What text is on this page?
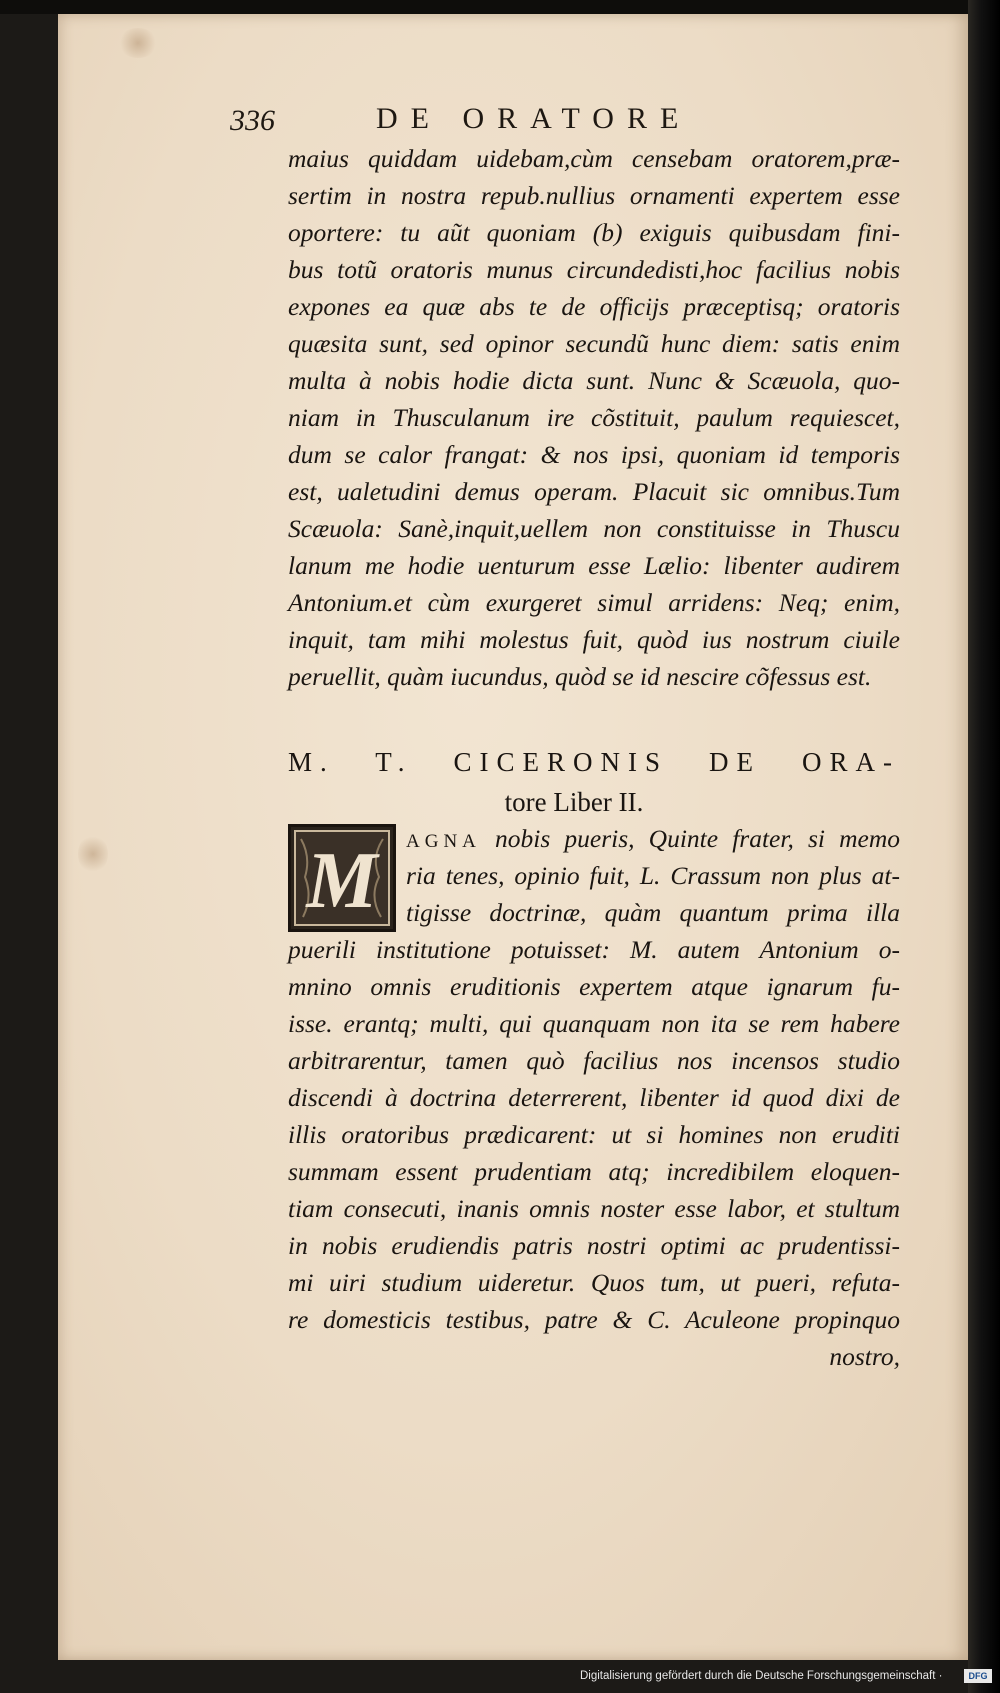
336	DE ORATORE
maius quiddam uidebam,cùm censebam oratorem,præ-
sertim in nostra repub.nullius ornamenti expertem esse
oportere: tu aũt quoniam (b) exiguis quibusdam fini-
bus totũ oratoris munus circundedisti,hoc facilius nobis
expones ea quæ abs te de officijs præceptisq; oratoris
quæsita sunt, sed opinor secundũ hunc diem: satis enim
multa à nobis hodie dicta sunt. Nunc & Scæuola, quo-
niam in Thusculanum ire cõstituit, paulum requiescet,
dum se calor frangat: & nos ipsi, quoniam id temporis
est, ualetudini demus operam. Placuit sic omnibus.Tum
Scæuola: Sanè,inquit,uellem non constituisse in Thuscu
lanum me hodie uenturum esse Lælio: libenter audirem
Antonium.et cùm exurgeret simul arridens: Neq; enim,
inquit, tam mihi molestus fuit, quòd ius nostrum ciuile
peruellit, quàm iucundus, quòd se id nescire cõfessus est.
M. T. CICERONIS DE ORA-
tore Liber II.
M AGNA nobis pueris, Quinte frater, si memo
ria tenes, opinio fuit, L. Crassum non plus at-
tigisse doctrinæ, quàm quantum prima illa
puerili institutione potuisset: M. autem Antonium o-
mnino omnis eruditionis expertem atque ignarum fu-
isse. erantq; multi, qui quanquam non ita se rem habere
arbitrarentur, tamen quò facilius nos incensos studio
discendi à doctrina deterrerent, libenter id quod dixi de
illis oratoribus prædicarent: ut si homines non eruditi
summam essent prudentiam atq; incredibilem eloquen-
tiam consecuti, inanis omnis noster esse labor, et stultum
in nobis erudiendis patris nostri optimi ac prudentissi-
mi uiri studium uideretur. Quos tum, ut pueri, refuta-
re domesticis testibus, patre & C. Aculeone propinquo
nostro,
Digitalisierung gefördert durch die Deutsche Forschungsgemeinschaft ·	DFG
